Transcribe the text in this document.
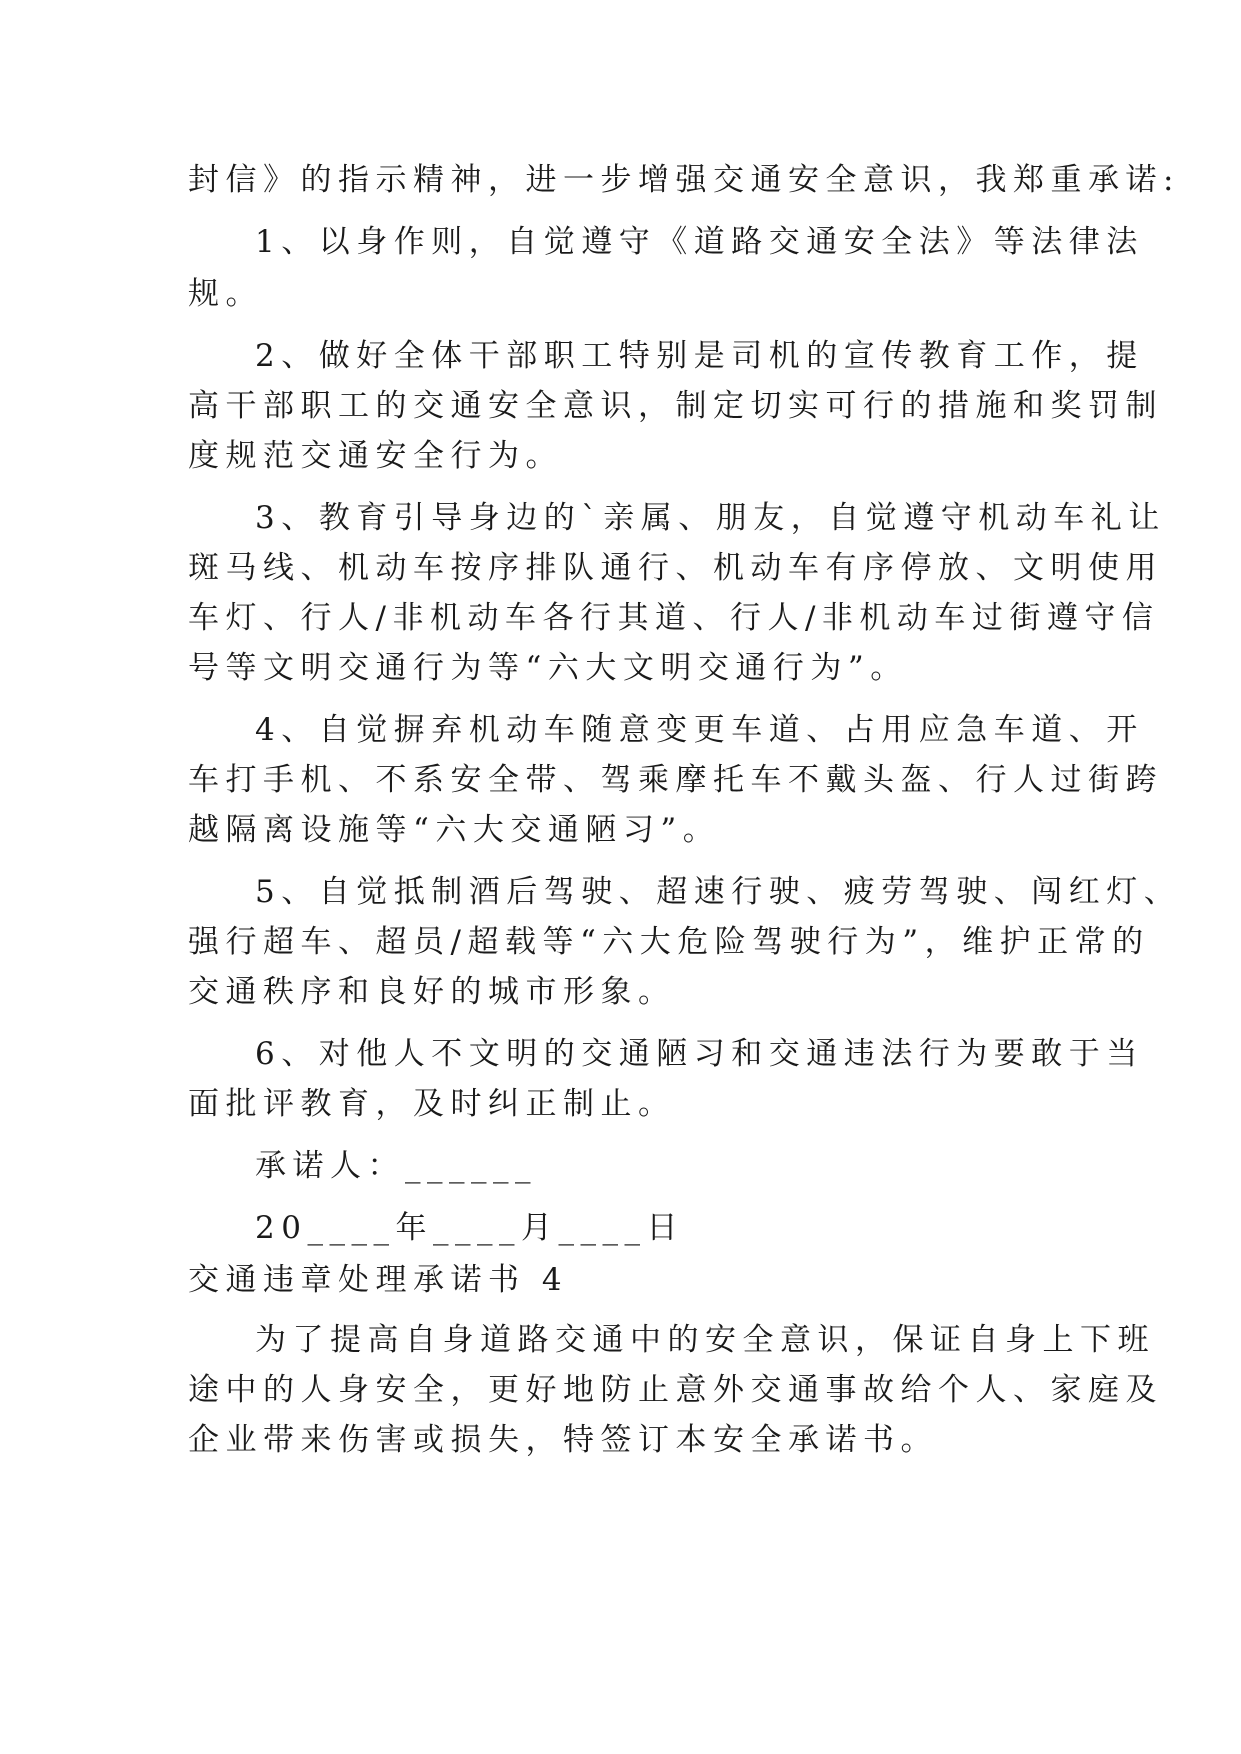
封信》的指示精神，进一步增强交通安全意识，我郑重承诺:
1、以身作则，自觉遵守《道路交通安全法》等法律法
规。
2、做好全体干部职工特别是司机的宣传教育工作，提
高干部职工的交通安全意识，制定切实可行的措施和奖罚制
度规范交通安全行为。
3、教育引导身边的`亲属、朋友，自觉遵守机动车礼让
斑马线、机动车按序排队通行、机动车有序停放、文明使用
车灯、行人/非机动车各行其道、行人/非机动车过街遵守信
号等文明交通行为等“六大文明交通行为”。
4、自觉摒弃机动车随意变更车道、占用应急车道、开
车打手机、不系安全带、驾乘摩托车不戴头盔、行人过街跨
越隔离设施等“六大交通陋习”。
5、自觉抵制酒后驾驶、超速行驶、疲劳驾驶、闯红灯、
强行超车、超员/超载等“六大危险驾驶行为”，维护正常的
交通秩序和良好的城市形象。
6、对他人不文明的交通陋习和交通违法行为要敢于当
面批评教育，及时纠正制止。
承诺人：______
20____年____月____日
交通违章处理承诺书 4
为了提高自身道路交通中的安全意识，保证自身上下班
途中的人身安全，更好地防止意外交通事故给个人、家庭及
企业带来伤害或损失，特签订本安全承诺书。
